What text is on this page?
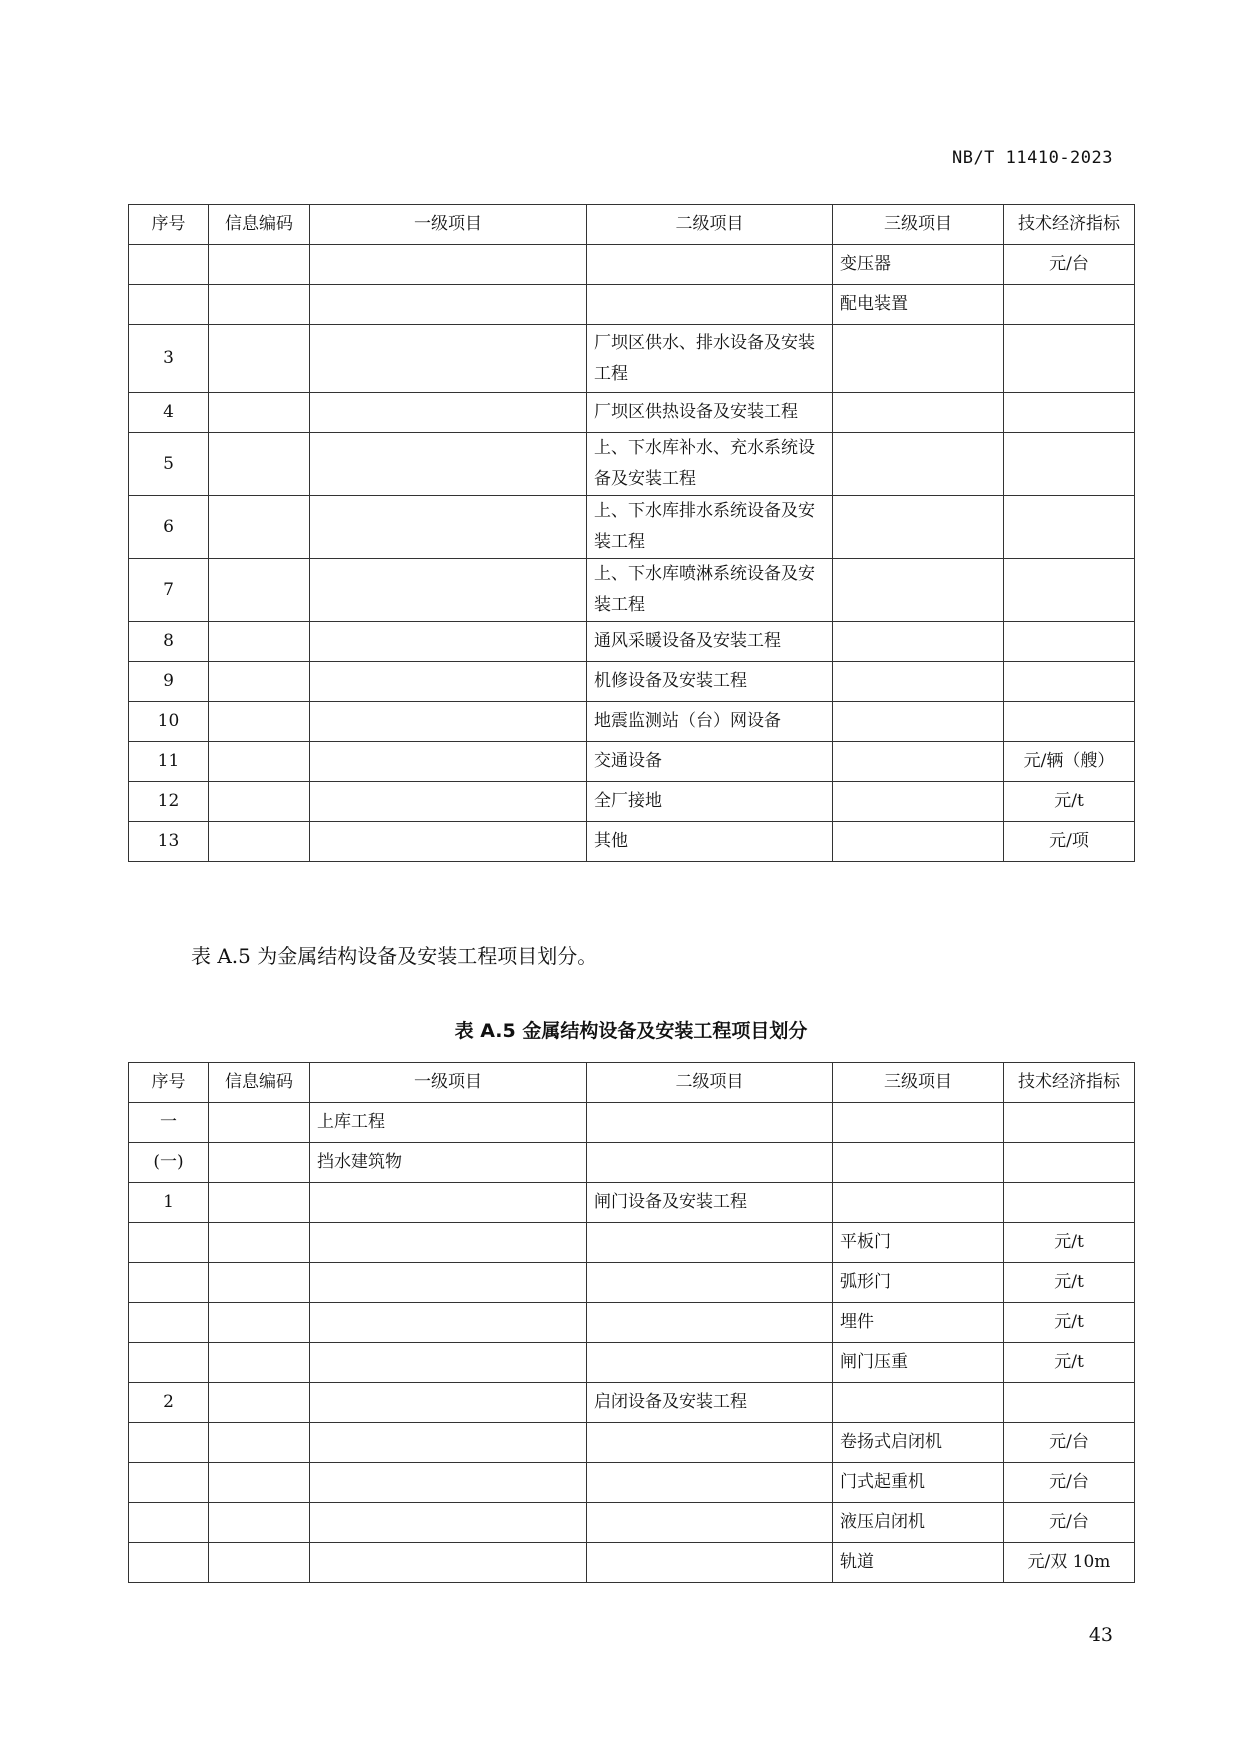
NB/T 11410-2023
序号	信息编码	一级项目	二级项目	三级项目	技术经济指标
				变压器	元/台
				配电装置	
3			厂坝区供水、排水设备及安装工程		
4			厂坝区供热设备及安装工程		
5			上、下水库补水、充水系统设备及安装工程		
6			上、下水库排水系统设备及安装工程		
7			上、下水库喷淋系统设备及安装工程		
8			通风采暖设备及安装工程		
9			机修设备及安装工程		
10			地震监测站（台）网设备		
11			交通设备		元/辆（艘）
12			全厂接地		元/t
13			其他		元/项
表 A.5 为金属结构设备及安装工程项目划分。
表 A.5 金属结构设备及安装工程项目划分
序号	信息编码	一级项目	二级项目	三级项目	技术经济指标
一		上库工程			
(一)		挡水建筑物			
1			闸门设备及安装工程		
				平板门	元/t
				弧形门	元/t
				埋件	元/t
				闸门压重	元/t
2			启闭设备及安装工程		
				卷扬式启闭机	元/台
				门式起重机	元/台
				液压启闭机	元/台
				轨道	元/双 10m
43
